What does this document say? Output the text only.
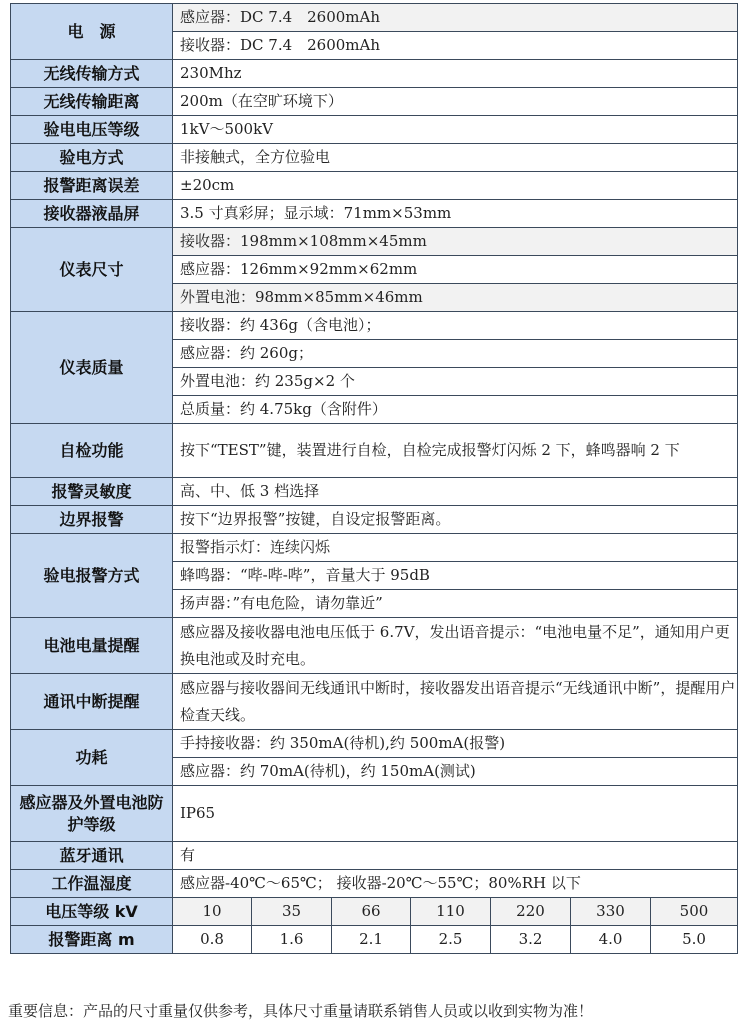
电　源	感应器：DC 7.4　2600mAh						
	接收器：DC 7.4　2600mAh						
无线传输方式	230Mhz						
无线传输距离	200m（在空旷环境下）						
验电电压等级	1kV～500kV						
验电方式	非接触式，全方位验电						
报警距离误差	±20cm						
接收器液晶屏	3.5 寸真彩屏；显示域：71mm×53mm						
仪表尺寸	接收器：198mm×108mm×45mm						
	感应器：126mm×92mm×62mm						
	外置电池：98mm×85mm×46mm						
仪表质量	接收器：约 436g（含电池）；						
	感应器：约 260g；						
	外置电池：约 235g×2 个						
	总质量：约 4.75kg（含附件）						
自检功能	按下“TEST”键，装置进行自检，自检完成报警灯闪烁 2 下，蜂鸣器响 2 下						
报警灵敏度	高、中、低 3 档选择						
边界报警	按下“边界报警”按键，自设定报警距离。						
验电报警方式	报警指示灯：连续闪烁						
	蜂鸣器：“哔-哔-哔”，音量大于 95dB						
	扬声器：”有电危险，请勿靠近”						
电池电量提醒	感应器及接收器电池电压低于 6.7V，发出语音提示：“电池电量不足”，通知用户更换电池或及时充电。						
通讯中断提醒	感应器与接收器间无线通讯中断时，接收器发出语音提示“无线通讯中断”，提醒用户检查天线。						
功耗	手持接收器：约 350mA(待机),约 500mA(报警)						
	感应器：约 70mA(待机)，约 150mA(测试)						
感应器及外置电池防护等级	IP65						
蓝牙通讯	有						
工作温湿度	感应器-40℃～65℃； 接收器-20℃～55℃；80%RH 以下						
电压等级 kV	10	35	66	110	220	330	500
报警距离 m	0.8	1.6	2.1	2.5	3.2	4.0	5.0
重要信息：产品的尺寸重量仅供参考，具体尺寸重量请联系销售人员或以收到实物为准！
